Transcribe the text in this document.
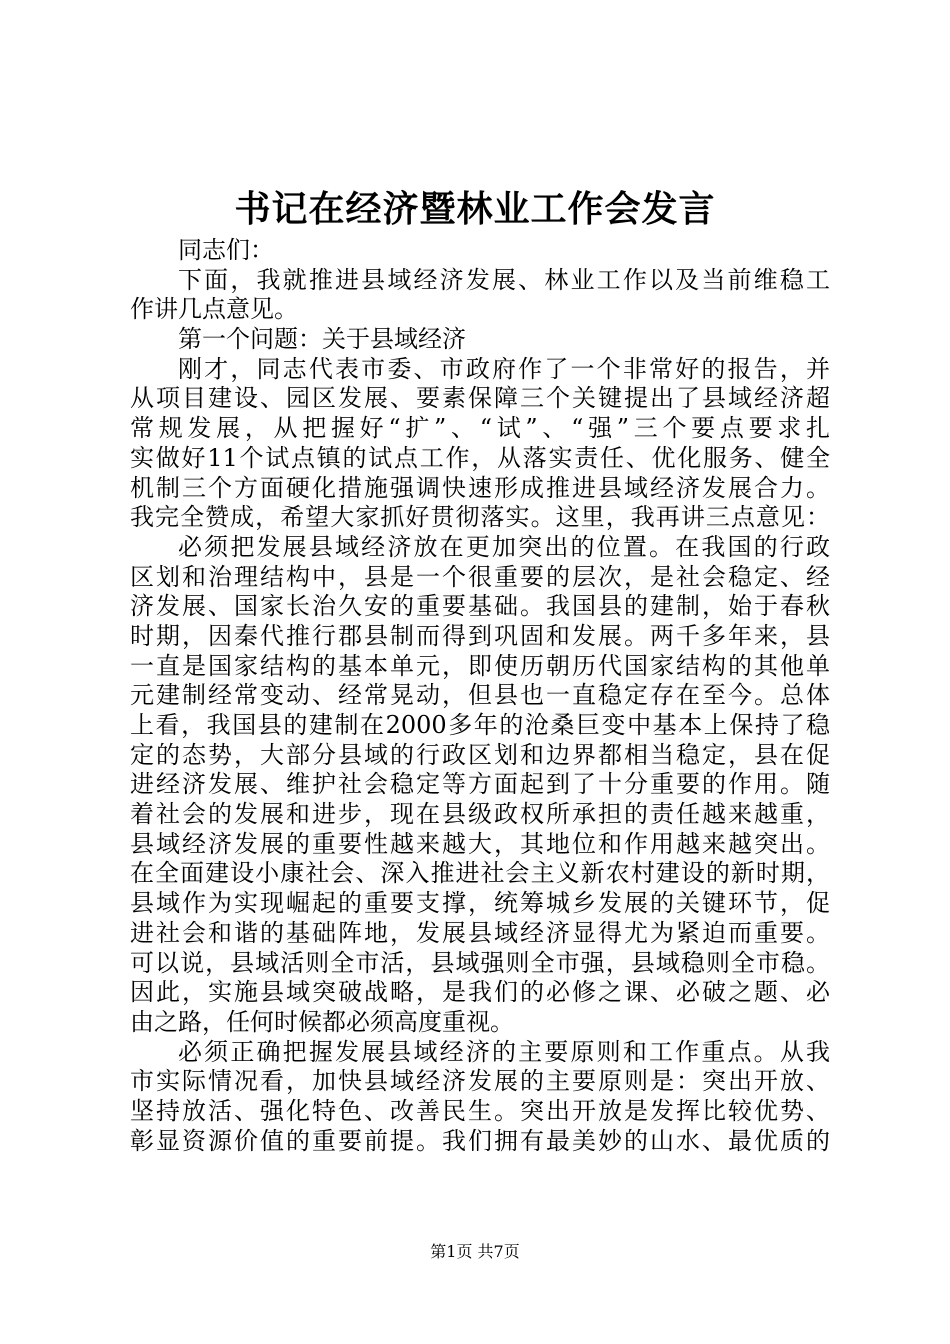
书记在经济暨林业工作会发言
同志们：
下面，我就推进县域经济发展、林业工作以及当前维稳工
作讲几点意见。
第一个问题：关于县域经济
刚才，同志代表市委、市政府作了一个非常好的报告，并
从项目建设、园区发展、要素保障三个关键提出了县域经济超
常规发展，从把握好“扩”、“试”、“强”三个要点要求扎
实做好11个试点镇的试点工作，从落实责任、优化服务、健全
机制三个方面硬化措施强调快速形成推进县域经济发展合力。
我完全赞成，希望大家抓好贯彻落实。这里，我再讲三点意见：
必须把发展县域经济放在更加突出的位置。在我国的行政
区划和治理结构中，县是一个很重要的层次，是社会稳定、经
济发展、国家长治久安的重要基础。我国县的建制，始于春秋
时期，因秦代推行郡县制而得到巩固和发展。两千多年来，县
一直是国家结构的基本单元，即使历朝历代国家结构的其他单
元建制经常变动、经常晃动，但县也一直稳定存在至今。总体
上看，我国县的建制在2000多年的沧桑巨变中基本上保持了稳
定的态势，大部分县域的行政区划和边界都相当稳定，县在促
进经济发展、维护社会稳定等方面起到了十分重要的作用。随
着社会的发展和进步，现在县级政权所承担的责任越来越重，
县域经济发展的重要性越来越大，其地位和作用越来越突出。
在全面建设小康社会、深入推进社会主义新农村建设的新时期，
县域作为实现崛起的重要支撑，统筹城乡发展的关键环节，促
进社会和谐的基础阵地，发展县域经济显得尤为紧迫而重要。
可以说，县域活则全市活，县域强则全市强，县域稳则全市稳。
因此，实施县域突破战略，是我们的必修之课、必破之题、必
由之路，任何时候都必须高度重视。
必须正确把握发展县域经济的主要原则和工作重点。从我
市实际情况看，加快县域经济发展的主要原则是：突出开放、
坚持放活、强化特色、改善民生。突出开放是发挥比较优势、
彰显资源价值的重要前提。我们拥有最美妙的山水、最优质的
第1页 共7页
